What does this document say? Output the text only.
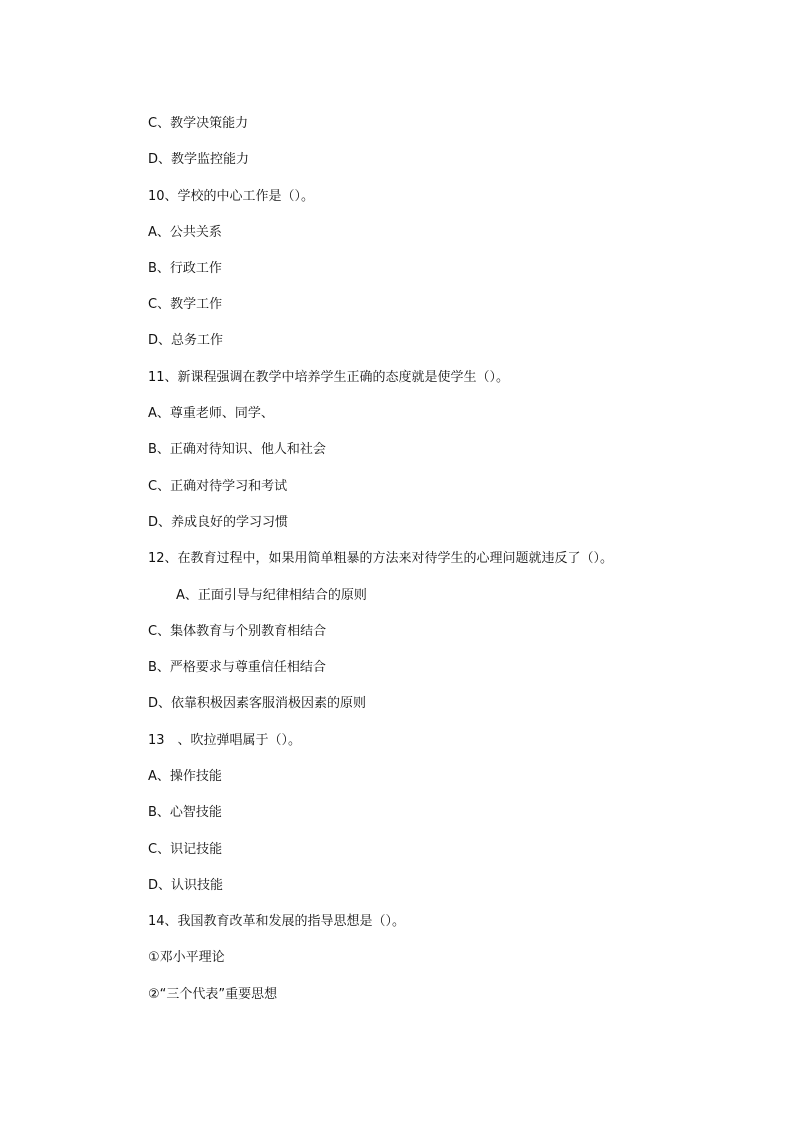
C、教学决策能力
D、教学监控能力
10、学校的中心工作是（）。
A、公共关系
B、行政工作
C、教学工作
D、总务工作
11、新课程强调在教学中培养学生正确的态度就是使学生（）。
A、尊重老师、同学、
B、正确对待知识、他人和社会
C、正确对待学习和考试
D、养成良好的学习习惯
12、在教育过程中，如果用简单粗暴的方法来对待学生的心理问题就违反了（）。
A、正面引导与纪律相结合的原则
C、集体教育与个别教育相结合
B、严格要求与尊重信任相结合
D、依靠积极因素客服消极因素的原则
13　、吹拉弹唱属于（）。
A、操作技能
B、心智技能
C、识记技能
D、认识技能
14、我国教育改革和发展的指导思想是（）。
①邓小平理论
②“三个代表”重要思想
